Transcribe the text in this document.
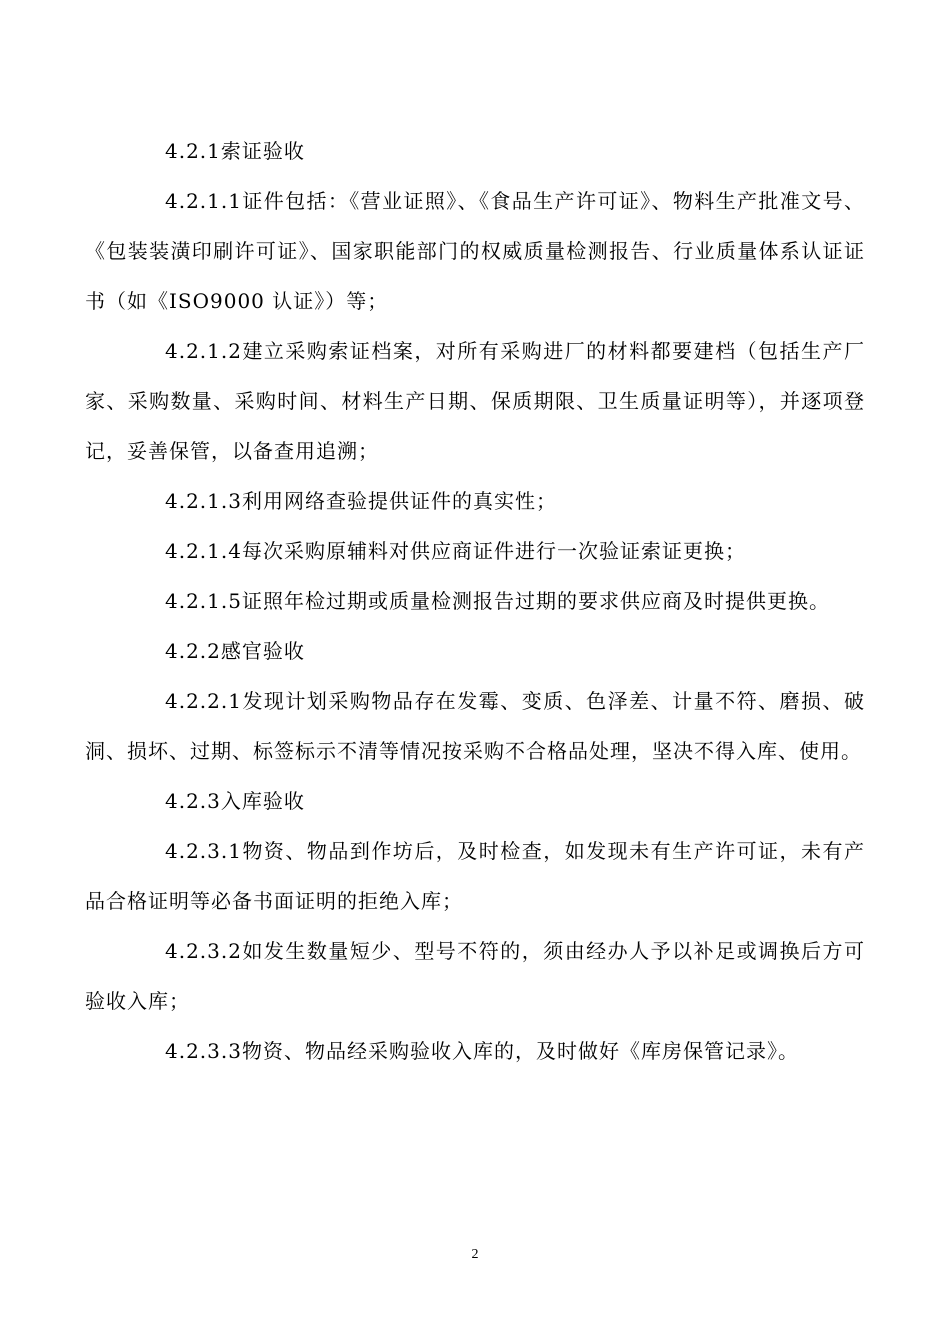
4.2.1索证验收

4.2.1.1证件包括：《营业证照》、《食品生产许可证》、物料生产批准文号、《包装装潢印刷许可证》、国家职能部门的权威质量检测报告、行业质量体系认证证书（如《ISO9000 认证》）等；

4.2.1.2建立采购索证档案，对所有采购进厂的材料都要建档（包括生产厂家、采购数量、采购时间、材料生产日期、保质期限、卫生质量证明等），并逐项登记，妥善保管，以备查用追溯；

4.2.1.3利用网络查验提供证件的真实性；

4.2.1.4每次采购原辅料对供应商证件进行一次验证索证更换；

4.2.1.5证照年检过期或质量检测报告过期的要求供应商及时提供更换。

4.2.2感官验收

4.2.2.1发现计划采购物品存在发霉、变质、色泽差、计量不符、磨损、破洞、损坏、过期、标签标示不清等情况按采购不合格品处理，坚决不得入库、使用。

4.2.3入库验收

4.2.3.1物资、物品到作坊后，及时检查，如发现未有生产许可证，未有产品合格证明等必备书面证明的拒绝入库；

4.2.3.2如发生数量短少、型号不符的，须由经办人予以补足或调换后方可验收入库；

4.2.3.3物资、物品经采购验收入库的，及时做好《库房保管记录》。

2
